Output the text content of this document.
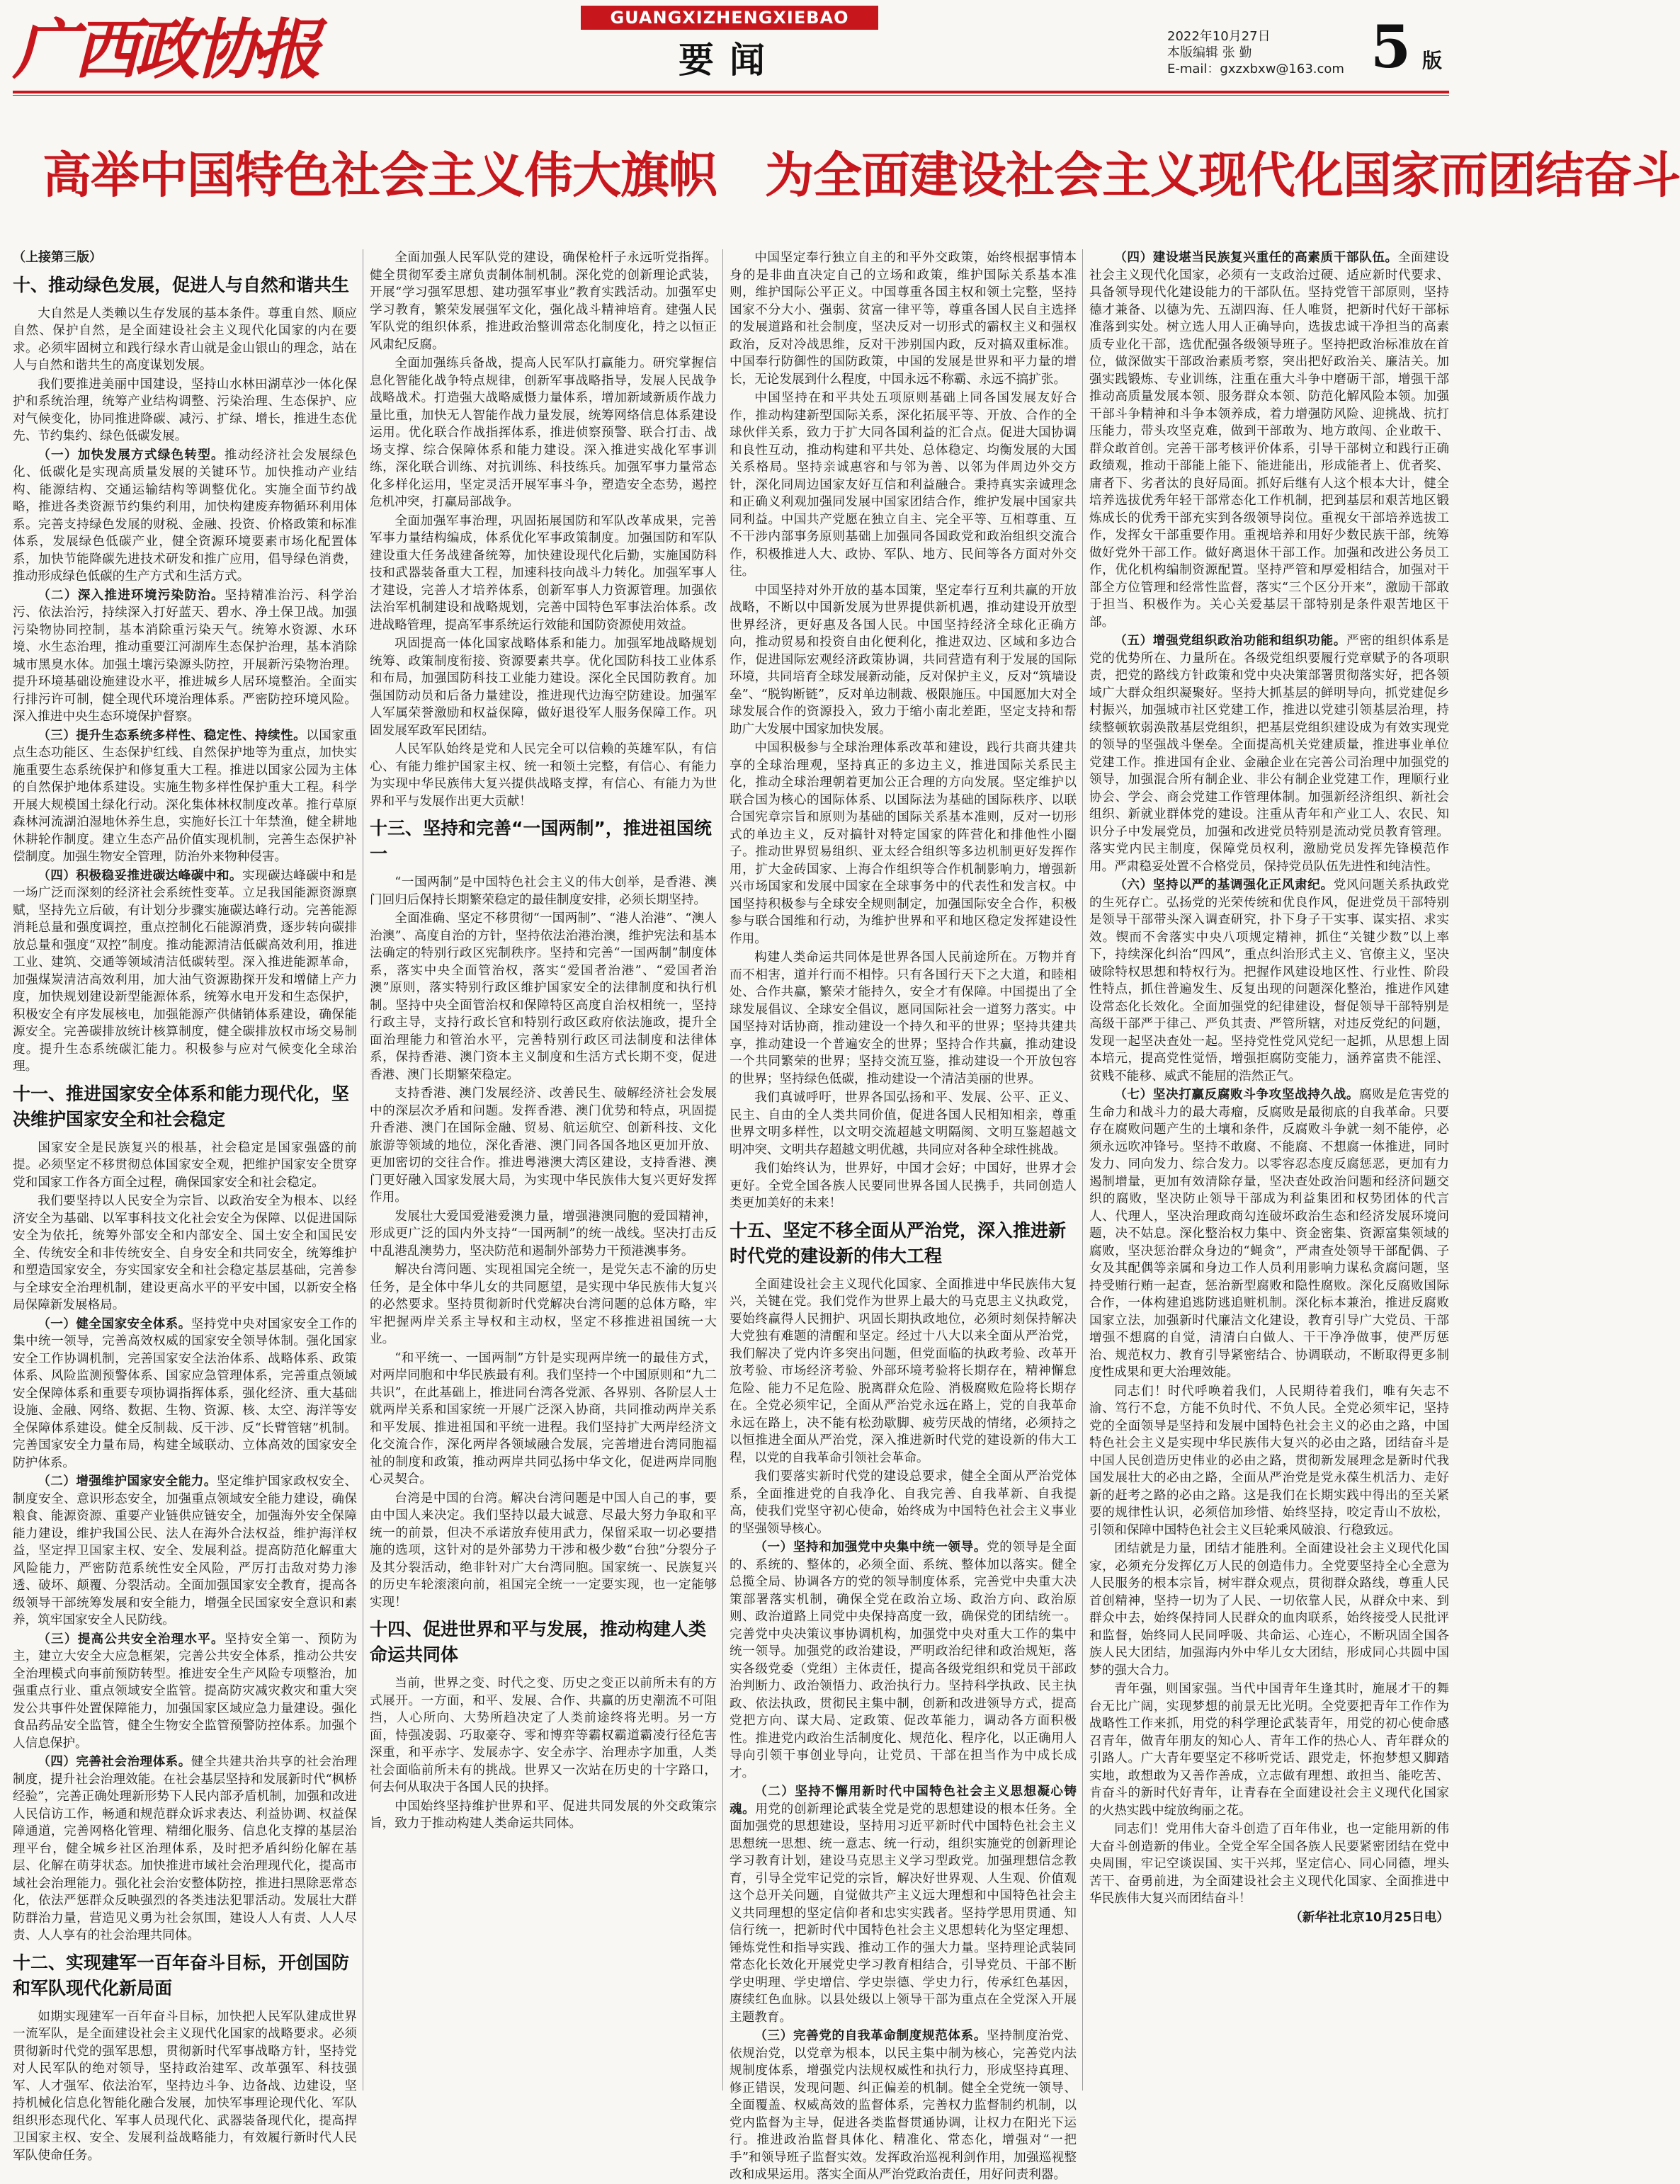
广西政协报	GUANGXIZHENGXIEBAO
要闻
2022年10月27日
本版编辑 张 勤
E-mail：gxzxbxw@163.com 5 版
高举中国特色社会主义伟大旗帜　为全面建设社会主义现代化国家而团结奋斗

（上接第三版）

十、推动绿色发展，促进人与自然和谐共生

大自然是人类赖以生存发展的基本条件。尊重自然、顺应自然、保护自然，是全面建设社会主义现代化国家的内在要求。必须牢固树立和践行绿水青山就是金山银山的理念，站在人与自然和谐共生的高度谋划发展。

我们要推进美丽中国建设，坚持山水林田湖草沙一体化保护和系统治理，统筹产业结构调整、污染治理、生态保护、应对气候变化，协同推进降碳、减污、扩绿、增长，推进生态优先、节约集约、绿色低碳发展。

（一）加快发展方式绿色转型。推动经济社会发展绿色化、低碳化是实现高质量发展的关键环节。加快推动产业结构、能源结构、交通运输结构等调整优化。实施全面节约战略，推进各类资源节约集约利用，加快构建废弃物循环利用体系。完善支持绿色发展的财税、金融、投资、价格政策和标准体系，发展绿色低碳产业，健全资源环境要素市场化配置体系，加快节能降碳先进技术研发和推广应用，倡导绿色消费，推动形成绿色低碳的生产方式和生活方式。

（二）深入推进环境污染防治。坚持精准治污、科学治污、依法治污，持续深入打好蓝天、碧水、净土保卫战。加强污染物协同控制，基本消除重污染天气。统筹水资源、水环境、水生态治理，推动重要江河湖库生态保护治理，基本消除城市黑臭水体。加强土壤污染源头防控，开展新污染物治理。提升环境基础设施建设水平，推进城乡人居环境整治。全面实行排污许可制，健全现代环境治理体系。严密防控环境风险。深入推进中央生态环境保护督察。

（三）提升生态系统多样性、稳定性、持续性。以国家重点生态功能区、生态保护红线、自然保护地等为重点，加快实施重要生态系统保护和修复重大工程。推进以国家公园为主体的自然保护地体系建设。实施生物多样性保护重大工程。科学开展大规模国土绿化行动。深化集体林权制度改革。推行草原森林河流湖泊湿地休养生息，实施好长江十年禁渔，健全耕地休耕轮作制度。建立生态产品价值实现机制，完善生态保护补偿制度。加强生物安全管理，防治外来物种侵害。

（四）积极稳妥推进碳达峰碳中和。实现碳达峰碳中和是一场广泛而深刻的经济社会系统性变革。立足我国能源资源禀赋，坚持先立后破，有计划分步骤实施碳达峰行动。完善能源消耗总量和强度调控，重点控制化石能源消费，逐步转向碳排放总量和强度“双控”制度。推动能源清洁低碳高效利用，推进工业、建筑、交通等领域清洁低碳转型。深入推进能源革命，加强煤炭清洁高效利用，加大油气资源勘探开发和增储上产力度，加快规划建设新型能源体系，统筹水电开发和生态保护，积极安全有序发展核电，加强能源产供储销体系建设，确保能源安全。完善碳排放统计核算制度，健全碳排放权市场交易制度。提升生态系统碳汇能力。积极参与应对气候变化全球治理。

十一、推进国家安全体系和能力现代化，坚决维护国家安全和社会稳定

国家安全是民族复兴的根基，社会稳定是国家强盛的前提。必须坚定不移贯彻总体国家安全观，把维护国家安全贯穿党和国家工作各方面全过程，确保国家安全和社会稳定。

我们要坚持以人民安全为宗旨、以政治安全为根本、以经济安全为基础、以军事科技文化社会安全为保障、以促进国际安全为依托，统筹外部安全和内部安全、国土安全和国民安全、传统安全和非传统安全、自身安全和共同安全，统筹维护和塑造国家安全，夯实国家安全和社会稳定基层基础，完善参与全球安全治理机制，建设更高水平的平安中国，以新安全格局保障新发展格局。

（一）健全国家安全体系。坚持党中央对国家安全工作的集中统一领导，完善高效权威的国家安全领导体制。强化国家安全工作协调机制，完善国家安全法治体系、战略体系、政策体系、风险监测预警体系、国家应急管理体系，完善重点领域安全保障体系和重要专项协调指挥体系，强化经济、重大基础设施、金融、网络、数据、生物、资源、核、太空、海洋等安全保障体系建设。健全反制裁、反干涉、反“长臂管辖”机制。完善国家安全力量布局，构建全域联动、立体高效的国家安全防护体系。

（二）增强维护国家安全能力。坚定维护国家政权安全、制度安全、意识形态安全，加强重点领域安全能力建设，确保粮食、能源资源、重要产业链供应链安全，加强海外安全保障能力建设，维护我国公民、法人在海外合法权益，维护海洋权益，坚定捍卫国家主权、安全、发展利益。提高防范化解重大风险能力，严密防范系统性安全风险，严厉打击敌对势力渗透、破坏、颠覆、分裂活动。全面加强国家安全教育，提高各级领导干部统筹发展和安全能力，增强全民国家安全意识和素养，筑牢国家安全人民防线。

（三）提高公共安全治理水平。坚持安全第一、预防为主，建立大安全大应急框架，完善公共安全体系，推动公共安全治理模式向事前预防转型。推进安全生产风险专项整治，加强重点行业、重点领域安全监管。提高防灾减灾救灾和重大突发公共事件处置保障能力，加强国家区域应急力量建设。强化食品药品安全监管，健全生物安全监管预警防控体系。加强个人信息保护。

（四）完善社会治理体系。健全共建共治共享的社会治理制度，提升社会治理效能。在社会基层坚持和发展新时代“枫桥经验”，完善正确处理新形势下人民内部矛盾机制，加强和改进人民信访工作，畅通和规范群众诉求表达、利益协调、权益保障通道，完善网格化管理、精细化服务、信息化支撑的基层治理平台，健全城乡社区治理体系，及时把矛盾纠纷化解在基层、化解在萌芽状态。加快推进市域社会治理现代化，提高市域社会治理能力。强化社会治安整体防控，推进扫黑除恶常态化，依法严惩群众反映强烈的各类违法犯罪活动。发展壮大群防群治力量，营造见义勇为社会氛围，建设人人有责、人人尽责、人人享有的社会治理共同体。

十二、实现建军一百年奋斗目标，开创国防和军队现代化新局面

如期实现建军一百年奋斗目标，加快把人民军队建成世界一流军队，是全面建设社会主义现代化国家的战略要求。必须贯彻新时代党的强军思想，贯彻新时代军事战略方针，坚持党对人民军队的绝对领导，坚持政治建军、改革强军、科技强军、人才强军、依法治军，坚持边斗争、边备战、边建设，坚持机械化信息化智能化融合发展，加快军事理论现代化、军队组织形态现代化、军事人员现代化、武器装备现代化，提高捍卫国家主权、安全、发展利益战略能力，有效履行新时代人民军队使命任务。

全面加强人民军队党的建设，确保枪杆子永远听党指挥。健全贯彻军委主席负责制体制机制。深化党的创新理论武装，开展“学习强军思想、建功强军事业”教育实践活动。加强军史学习教育，繁荣发展强军文化，强化战斗精神培育。建强人民军队党的组织体系，推进政治整训常态化制度化，持之以恒正风肃纪反腐。

全面加强练兵备战，提高人民军队打赢能力。研究掌握信息化智能化战争特点规律，创新军事战略指导，发展人民战争战略战术。打造强大战略威慑力量体系，增加新域新质作战力量比重，加快无人智能作战力量发展，统筹网络信息体系建设运用。优化联合作战指挥体系，推进侦察预警、联合打击、战场支撑、综合保障体系和能力建设。深入推进实战化军事训练，深化联合训练、对抗训练、科技练兵。加强军事力量常态化多样化运用，坚定灵活开展军事斗争，塑造安全态势，遏控危机冲突，打赢局部战争。

全面加强军事治理，巩固拓展国防和军队改革成果，完善军事力量结构编成，体系优化军事政策制度。加强国防和军队建设重大任务战建备统筹，加快建设现代化后勤，实施国防科技和武器装备重大工程，加速科技向战斗力转化。加强军事人才建设，完善人才培养体系，创新军事人力资源管理。加强依法治军机制建设和战略规划，完善中国特色军事法治体系。改进战略管理，提高军事系统运行效能和国防资源使用效益。

巩固提高一体化国家战略体系和能力。加强军地战略规划统筹、政策制度衔接、资源要素共享。优化国防科技工业体系和布局，加强国防科技工业能力建设。深化全民国防教育。加强国防动员和后备力量建设，推进现代边海空防建设。加强军人军属荣誉激励和权益保障，做好退役军人服务保障工作。巩固发展军政军民团结。

人民军队始终是党和人民完全可以信赖的英雄军队，有信心、有能力维护国家主权、统一和领土完整，有信心、有能力为实现中华民族伟大复兴提供战略支撑，有信心、有能力为世界和平与发展作出更大贡献！

十三、坚持和完善“一国两制”，推进祖国统一

“一国两制”是中国特色社会主义的伟大创举，是香港、澳门回归后保持长期繁荣稳定的最佳制度安排，必须长期坚持。

全面准确、坚定不移贯彻“一国两制”、“港人治港”、“澳人治澳”、高度自治的方针，坚持依法治港治澳，维护宪法和基本法确定的特别行政区宪制秩序。坚持和完善“一国两制”制度体系，落实中央全面管治权，落实“爱国者治港”、“爱国者治澳”原则，落实特别行政区维护国家安全的法律制度和执行机制。坚持中央全面管治权和保障特区高度自治权相统一，坚持行政主导，支持行政长官和特别行政区政府依法施政，提升全面治理能力和管治水平，完善特别行政区司法制度和法律体系，保持香港、澳门资本主义制度和生活方式长期不变，促进香港、澳门长期繁荣稳定。

支持香港、澳门发展经济、改善民生、破解经济社会发展中的深层次矛盾和问题。发挥香港、澳门优势和特点，巩固提升香港、澳门在国际金融、贸易、航运航空、创新科技、文化旅游等领域的地位，深化香港、澳门同各国各地区更加开放、更加密切的交往合作。推进粤港澳大湾区建设，支持香港、澳门更好融入国家发展大局，为实现中华民族伟大复兴更好发挥作用。

发展壮大爱国爱港爱澳力量，增强港澳同胞的爱国精神，形成更广泛的国内外支持“一国两制”的统一战线。坚决打击反中乱港乱澳势力，坚决防范和遏制外部势力干预港澳事务。

解决台湾问题、实现祖国完全统一，是党矢志不渝的历史任务，是全体中华儿女的共同愿望，是实现中华民族伟大复兴的必然要求。坚持贯彻新时代党解决台湾问题的总体方略，牢牢把握两岸关系主导权和主动权，坚定不移推进祖国统一大业。

“和平统一、一国两制”方针是实现两岸统一的最佳方式，对两岸同胞和中华民族最有利。我们坚持一个中国原则和“九二共识”，在此基础上，推进同台湾各党派、各界别、各阶层人士就两岸关系和国家统一开展广泛深入协商，共同推动两岸关系和平发展、推进祖国和平统一进程。我们坚持扩大两岸经济文化交流合作，深化两岸各领域融合发展，完善增进台湾同胞福祉的制度和政策，推动两岸共同弘扬中华文化，促进两岸同胞心灵契合。

台湾是中国的台湾。解决台湾问题是中国人自己的事，要由中国人来决定。我们坚持以最大诚意、尽最大努力争取和平统一的前景，但决不承诺放弃使用武力，保留采取一切必要措施的选项，这针对的是外部势力干涉和极少数“台独”分裂分子及其分裂活动，绝非针对广大台湾同胞。国家统一、民族复兴的历史车轮滚滚向前，祖国完全统一一定要实现，也一定能够实现！

十四、促进世界和平与发展，推动构建人类命运共同体

当前，世界之变、时代之变、历史之变正以前所未有的方式展开。一方面，和平、发展、合作、共赢的历史潮流不可阻挡，人心所向、大势所趋决定了人类前途终将光明。另一方面，恃强凌弱、巧取豪夺、零和博弈等霸权霸道霸凌行径危害深重，和平赤字、发展赤字、安全赤字、治理赤字加重，人类社会面临前所未有的挑战。世界又一次站在历史的十字路口，何去何从取决于各国人民的抉择。

中国始终坚持维护世界和平、促进共同发展的外交政策宗旨，致力于推动构建人类命运共同体。

中国坚定奉行独立自主的和平外交政策，始终根据事情本身的是非曲直决定自己的立场和政策，维护国际关系基本准则，维护国际公平正义。中国尊重各国主权和领土完整，坚持国家不分大小、强弱、贫富一律平等，尊重各国人民自主选择的发展道路和社会制度，坚决反对一切形式的霸权主义和强权政治，反对冷战思维，反对干涉别国内政，反对搞双重标准。中国奉行防御性的国防政策，中国的发展是世界和平力量的增长，无论发展到什么程度，中国永远不称霸、永远不搞扩张。

中国坚持在和平共处五项原则基础上同各国发展友好合作，推动构建新型国际关系，深化拓展平等、开放、合作的全球伙伴关系，致力于扩大同各国利益的汇合点。促进大国协调和良性互动，推动构建和平共处、总体稳定、均衡发展的大国关系格局。坚持亲诚惠容和与邻为善、以邻为伴周边外交方针，深化同周边国家友好互信和利益融合。秉持真实亲诚理念和正确义利观加强同发展中国家团结合作，维护发展中国家共同利益。中国共产党愿在独立自主、完全平等、互相尊重、互不干涉内部事务原则基础上加强同各国政党和政治组织交流合作，积极推进人大、政协、军队、地方、民间等各方面对外交往。

中国坚持对外开放的基本国策，坚定奉行互利共赢的开放战略，不断以中国新发展为世界提供新机遇，推动建设开放型世界经济，更好惠及各国人民。中国坚持经济全球化正确方向，推动贸易和投资自由化便利化，推进双边、区域和多边合作，促进国际宏观经济政策协调，共同营造有利于发展的国际环境，共同培育全球发展新动能，反对保护主义，反对“筑墙设垒”、“脱钩断链”，反对单边制裁、极限施压。中国愿加大对全球发展合作的资源投入，致力于缩小南北差距，坚定支持和帮助广大发展中国家加快发展。

中国积极参与全球治理体系改革和建设，践行共商共建共享的全球治理观，坚持真正的多边主义，推进国际关系民主化，推动全球治理朝着更加公正合理的方向发展。坚定维护以联合国为核心的国际体系、以国际法为基础的国际秩序、以联合国宪章宗旨和原则为基础的国际关系基本准则，反对一切形式的单边主义，反对搞针对特定国家的阵营化和排他性小圈子。推动世界贸易组织、亚太经合组织等多边机制更好发挥作用，扩大金砖国家、上海合作组织等合作机制影响力，增强新兴市场国家和发展中国家在全球事务中的代表性和发言权。中国坚持积极参与全球安全规则制定，加强国际安全合作，积极参与联合国维和行动，为维护世界和平和地区稳定发挥建设性作用。

构建人类命运共同体是世界各国人民前途所在。万物并育而不相害，道并行而不相悖。只有各国行天下之大道，和睦相处、合作共赢，繁荣才能持久，安全才有保障。中国提出了全球发展倡议、全球安全倡议，愿同国际社会一道努力落实。中国坚持对话协商，推动建设一个持久和平的世界；坚持共建共享，推动建设一个普遍安全的世界；坚持合作共赢，推动建设一个共同繁荣的世界；坚持交流互鉴，推动建设一个开放包容的世界；坚持绿色低碳，推动建设一个清洁美丽的世界。

我们真诚呼吁，世界各国弘扬和平、发展、公平、正义、民主、自由的全人类共同价值，促进各国人民相知相亲，尊重世界文明多样性，以文明交流超越文明隔阂、文明互鉴超越文明冲突、文明共存超越文明优越，共同应对各种全球性挑战。

我们始终认为，世界好，中国才会好；中国好，世界才会更好。全党全国各族人民要同世界各国人民携手，共同创造人类更加美好的未来！

十五、坚定不移全面从严治党，深入推进新时代党的建设新的伟大工程

全面建设社会主义现代化国家、全面推进中华民族伟大复兴，关键在党。我们党作为世界上最大的马克思主义执政党，要始终赢得人民拥护、巩固长期执政地位，必须时刻保持解决大党独有难题的清醒和坚定。经过十八大以来全面从严治党，我们解决了党内许多突出问题，但党面临的执政考验、改革开放考验、市场经济考验、外部环境考验将长期存在，精神懈怠危险、能力不足危险、脱离群众危险、消极腐败危险将长期存在。全党必须牢记，全面从严治党永远在路上，党的自我革命永远在路上，决不能有松劲歇脚、疲劳厌战的情绪，必须持之以恒推进全面从严治党，深入推进新时代党的建设新的伟大工程，以党的自我革命引领社会革命。

我们要落实新时代党的建设总要求，健全全面从严治党体系，全面推进党的自我净化、自我完善、自我革新、自我提高，使我们党坚守初心使命，始终成为中国特色社会主义事业的坚强领导核心。

（一）坚持和加强党中央集中统一领导。党的领导是全面的、系统的、整体的，必须全面、系统、整体加以落实。健全总揽全局、协调各方的党的领导制度体系，完善党中央重大决策部署落实机制，确保全党在政治立场、政治方向、政治原则、政治道路上同党中央保持高度一致，确保党的团结统一。完善党中央决策议事协调机构，加强党中央对重大工作的集中统一领导。加强党的政治建设，严明政治纪律和政治规矩，落实各级党委（党组）主体责任，提高各级党组织和党员干部政治判断力、政治领悟力、政治执行力。坚持科学执政、民主执政、依法执政，贯彻民主集中制，创新和改进领导方式，提高党把方向、谋大局、定政策、促改革能力，调动各方面积极性。推进党内政治生活制度化、规范化、程序化，以正确用人导向引领干事创业导向，让党员、干部在担当作为中成长成才。

（二）坚持不懈用新时代中国特色社会主义思想凝心铸魂。用党的创新理论武装全党是党的思想建设的根本任务。全面加强党的思想建设，坚持用习近平新时代中国特色社会主义思想统一思想、统一意志、统一行动，组织实施党的创新理论学习教育计划，建设马克思主义学习型政党。加强理想信念教育，引导全党牢记党的宗旨，解决好世界观、人生观、价值观这个总开关问题，自觉做共产主义远大理想和中国特色社会主义共同理想的坚定信仰者和忠实实践者。坚持学思用贯通、知信行统一，把新时代中国特色社会主义思想转化为坚定理想、锤炼党性和指导实践、推动工作的强大力量。坚持理论武装同常态化长效化开展党史学习教育相结合，引导党员、干部不断学史明理、学史增信、学史崇德、学史力行，传承红色基因，赓续红色血脉。以县处级以上领导干部为重点在全党深入开展主题教育。

（三）完善党的自我革命制度规范体系。坚持制度治党、依规治党，以党章为根本，以民主集中制为核心，完善党内法规制度体系，增强党内法规权威性和执行力，形成坚持真理、修正错误，发现问题、纠正偏差的机制。健全全党统一领导、全面覆盖、权威高效的监督体系，完善权力监督制约机制，以党内监督为主导，促进各类监督贯通协调，让权力在阳光下运行。推进政治监督具体化、精准化、常态化，增强对“一把手”和领导班子监督实效。发挥政治巡视利剑作用，加强巡视整改和成果运用。落实全面从严治党政治责任，用好问责利器。

（四）建设堪当民族复兴重任的高素质干部队伍。全面建设社会主义现代化国家，必须有一支政治过硬、适应新时代要求、具备领导现代化建设能力的干部队伍。坚持党管干部原则，坚持德才兼备、以德为先、五湖四海、任人唯贤，把新时代好干部标准落到实处。树立选人用人正确导向，选拔忠诚干净担当的高素质专业化干部，选优配强各级领导班子。坚持把政治标准放在首位，做深做实干部政治素质考察，突出把好政治关、廉洁关。加强实践锻炼、专业训练，注重在重大斗争中磨砺干部，增强干部推动高质量发展本领、服务群众本领、防范化解风险本领。加强干部斗争精神和斗争本领养成，着力增强防风险、迎挑战、抗打压能力，带头攻坚克难，做到干部敢为、地方敢闯、企业敢干、群众敢首创。完善干部考核评价体系，引导干部树立和践行正确政绩观，推动干部能上能下、能进能出，形成能者上、优者奖、庸者下、劣者汰的良好局面。抓好后继有人这个根本大计，健全培养选拔优秀年轻干部常态化工作机制，把到基层和艰苦地区锻炼成长的优秀干部充实到各级领导岗位。重视女干部培养选拔工作，发挥女干部重要作用。重视培养和用好少数民族干部，统筹做好党外干部工作。做好离退休干部工作。加强和改进公务员工作，优化机构编制资源配置。坚持严管和厚爱相结合，加强对干部全方位管理和经常性监督，落实“三个区分开来”，激励干部敢于担当、积极作为。关心关爱基层干部特别是条件艰苦地区干部。

（五）增强党组织政治功能和组织功能。严密的组织体系是党的优势所在、力量所在。各级党组织要履行党章赋予的各项职责，把党的路线方针政策和党中央决策部署贯彻落实好，把各领域广大群众组织凝聚好。坚持大抓基层的鲜明导向，抓党建促乡村振兴，加强城市社区党建工作，推进以党建引领基层治理，持续整顿软弱涣散基层党组织，把基层党组织建设成为有效实现党的领导的坚强战斗堡垒。全面提高机关党建质量，推进事业单位党建工作。推进国有企业、金融企业在完善公司治理中加强党的领导，加强混合所有制企业、非公有制企业党建工作，理顺行业协会、学会、商会党建工作管理体制。加强新经济组织、新社会组织、新就业群体党的建设。注重从青年和产业工人、农民、知识分子中发展党员，加强和改进党员特别是流动党员教育管理。落实党内民主制度，保障党员权利，激励党员发挥先锋模范作用。严肃稳妥处置不合格党员，保持党员队伍先进性和纯洁性。

（六）坚持以严的基调强化正风肃纪。党风问题关系执政党的生死存亡。弘扬党的光荣传统和优良作风，促进党员干部特别是领导干部带头深入调查研究，扑下身子干实事、谋实招、求实效。锲而不舍落实中央八项规定精神，抓住“关键少数”以上率下，持续深化纠治“四风”，重点纠治形式主义、官僚主义，坚决破除特权思想和特权行为。把握作风建设地区性、行业性、阶段性特点，抓住普遍发生、反复出现的问题深化整治，推进作风建设常态化长效化。全面加强党的纪律建设，督促领导干部特别是高级干部严于律己、严负其责、严管所辖，对违反党纪的问题，发现一起坚决查处一起。坚持党性党风党纪一起抓，从思想上固本培元，提高党性觉悟，增强拒腐防变能力，涵养富贵不能淫、贫贱不能移、威武不能屈的浩然正气。

（七）坚决打赢反腐败斗争攻坚战持久战。腐败是危害党的生命力和战斗力的最大毒瘤，反腐败是最彻底的自我革命。只要存在腐败问题产生的土壤和条件，反腐败斗争就一刻不能停，必须永远吹冲锋号。坚持不敢腐、不能腐、不想腐一体推进，同时发力、同向发力、综合发力。以零容忍态度反腐惩恶，更加有力遏制增量，更加有效清除存量，坚决查处政治问题和经济问题交织的腐败，坚决防止领导干部成为利益集团和权势团体的代言人、代理人，坚决治理政商勾连破坏政治生态和经济发展环境问题，决不姑息。深化整治权力集中、资金密集、资源富集领域的腐败，坚决惩治群众身边的“蝇贪”，严肃查处领导干部配偶、子女及其配偶等亲属和身边工作人员利用影响力谋私贪腐问题，坚持受贿行贿一起查，惩治新型腐败和隐性腐败。深化反腐败国际合作，一体构建追逃防逃追赃机制。深化标本兼治，推进反腐败国家立法，加强新时代廉洁文化建设，教育引导广大党员、干部增强不想腐的自觉，清清白白做人、干干净净做事，使严厉惩治、规范权力、教育引导紧密结合、协调联动，不断取得更多制度性成果和更大治理效能。

同志们！时代呼唤着我们，人民期待着我们，唯有矢志不渝、笃行不怠，方能不负时代、不负人民。全党必须牢记，坚持党的全面领导是坚持和发展中国特色社会主义的必由之路，中国特色社会主义是实现中华民族伟大复兴的必由之路，团结奋斗是中国人民创造历史伟业的必由之路，贯彻新发展理念是新时代我国发展壮大的必由之路，全面从严治党是党永葆生机活力、走好新的赶考之路的必由之路。这是我们在长期实践中得出的至关紧要的规律性认识，必须倍加珍惜、始终坚持，咬定青山不放松，引领和保障中国特色社会主义巨轮乘风破浪、行稳致远。

团结就是力量，团结才能胜利。全面建设社会主义现代化国家，必须充分发挥亿万人民的创造伟力。全党要坚持全心全意为人民服务的根本宗旨，树牢群众观点，贯彻群众路线，尊重人民首创精神，坚持一切为了人民、一切依靠人民，从群众中来、到群众中去，始终保持同人民群众的血肉联系，始终接受人民批评和监督，始终同人民同呼吸、共命运、心连心，不断巩固全国各族人民大团结，加强海内外中华儿女大团结，形成同心共圆中国梦的强大合力。

青年强，则国家强。当代中国青年生逢其时，施展才干的舞台无比广阔，实现梦想的前景无比光明。全党要把青年工作作为战略性工作来抓，用党的科学理论武装青年，用党的初心使命感召青年，做青年朋友的知心人、青年工作的热心人、青年群众的引路人。广大青年要坚定不移听党话、跟党走，怀抱梦想又脚踏实地，敢想敢为又善作善成，立志做有理想、敢担当、能吃苦、肯奋斗的新时代好青年，让青春在全面建设社会主义现代化国家的火热实践中绽放绚丽之花。

同志们！党用伟大奋斗创造了百年伟业，也一定能用新的伟大奋斗创造新的伟业。全党全军全国各族人民要紧密团结在党中央周围，牢记空谈误国、实干兴邦，坚定信心、同心同德，埋头苦干、奋勇前进，为全面建设社会主义现代化国家、全面推进中华民族伟大复兴而团结奋斗！

（新华社北京10月25日电）
